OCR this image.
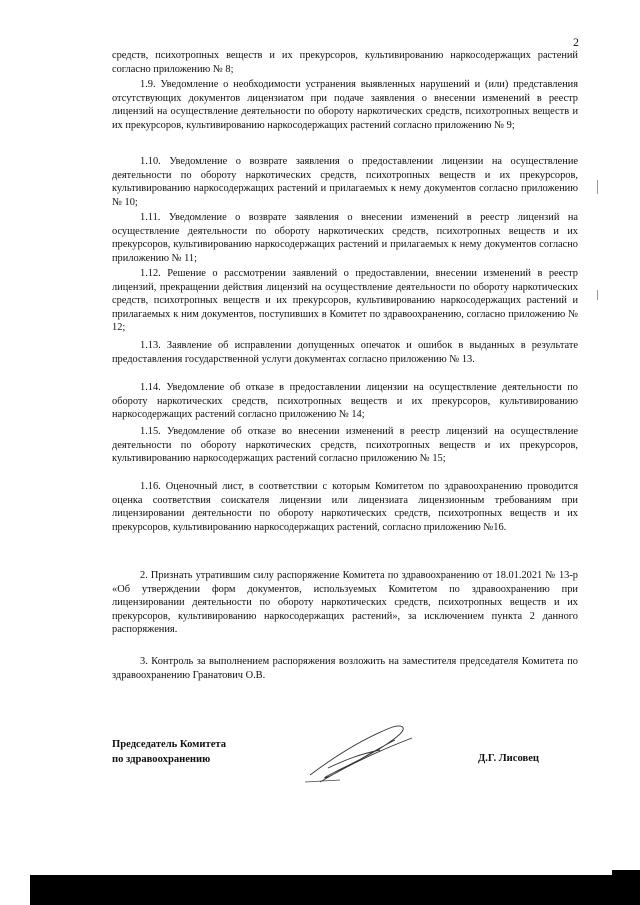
2

средств, психотропных веществ и их прекурсоров, культивированию наркосодержащих растений согласно приложению № 8;

1.9. Уведомление о необходимости устранения выявленных нарушений и (или) представления отсутствующих документов лицензиатом при подаче заявления о внесении изменений в реестр лицензий на осуществление деятельности по обороту наркотических средств, психотропных веществ и их прекурсоров, культивированию наркосодержащих растений согласно приложению № 9;

1.10. Уведомление о возврате заявления о предоставлении лицензии на осуществление деятельности по обороту наркотических средств, психотропных веществ и их прекурсоров, культивированию наркосодержащих растений и прилагаемых к нему документов согласно приложению № 10;

1.11. Уведомление о возврате заявления о внесении изменений в реестр лицензий на осуществление деятельности по обороту наркотических средств, психотропных веществ и их прекурсоров, культивированию наркосодержащих растений и прилагаемых к нему документов согласно приложению № 11;

1.12. Решение о рассмотрении заявлений о предоставлении, внесении изменений в реестр лицензий, прекращении действия лицензий на осуществление деятельности по обороту наркотических средств, психотропных веществ и их прекурсоров, культивированию наркосодержащих растений и прилагаемых к ним документов, поступивших в Комитет по здравоохранению, согласно приложению № 12;

1.13. Заявление об исправлении допущенных опечаток и ошибок в выданных в результате предоставления государственной услуги документах согласно приложению № 13.

1.14. Уведомление об отказе в предоставлении лицензии на осуществление деятельности по обороту наркотических средств, психотропных веществ и их прекурсоров, культивированию наркосодержащих растений согласно приложению № 14;

1.15. Уведомление об отказе во внесении изменений в реестр лицензий на осуществление деятельности по обороту наркотических средств, психотропных веществ и их прекурсоров, культивированию наркосодержащих растений согласно приложению № 15;

1.16. Оценочный лист, в соответствии с которым Комитетом по здравоохранению проводится оценка соответствия соискателя лицензии или лицензиата лицензионным требованиям при лицензировании деятельности по обороту наркотических средств, психотропных веществ и их прекурсоров, культивированию наркосодержащих растений, согласно приложению №16.

2. Признать утратившим силу распоряжение Комитета по здравоохранению от 18.01.2021 № 13-р «Об утверждении форм документов, используемых Комитетом по здравоохранению при лицензировании деятельности по обороту наркотических средств, психотропных веществ и их прекурсоров, культивированию наркосодержащих растений», за исключением пункта 2 данного распоряжения.

3. Контроль за выполнением распоряжения возложить на заместителя председателя Комитета по здравоохранению Гранатович О.В.

Председатель Комитета
по здравоохранению	Д.Г. Лисовец
